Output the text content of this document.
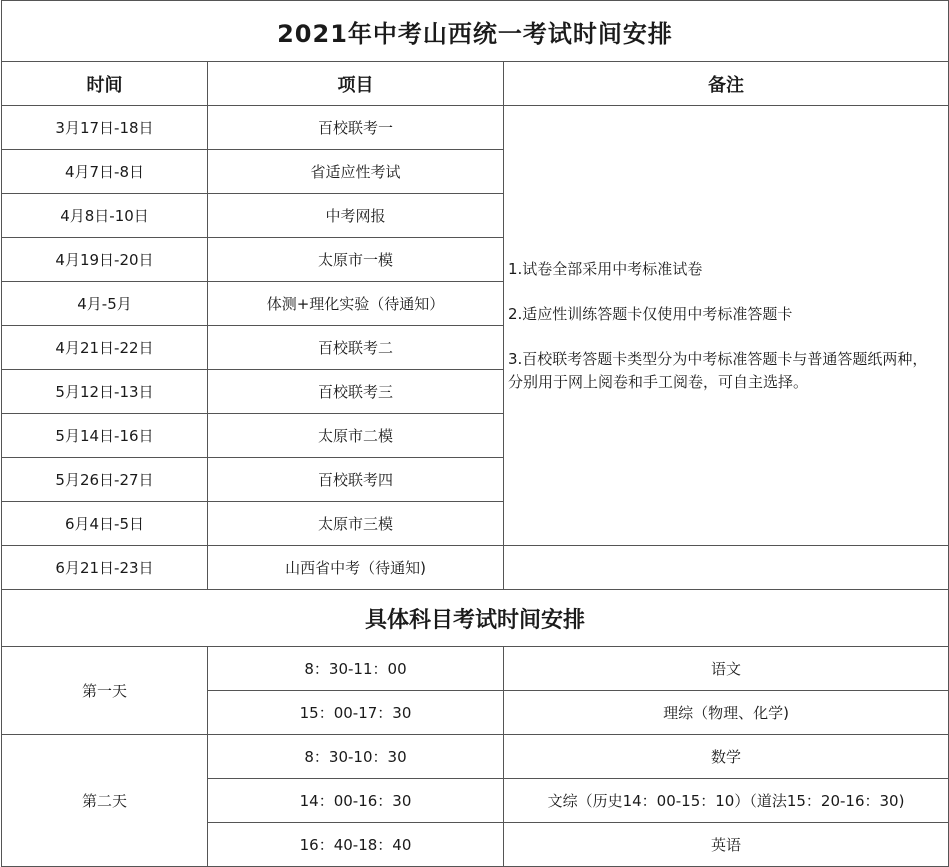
2021年中考山西统一考试时间安排		
时间	项目	备注
3月17日-18日	百校联考一	1.试卷全部采用中考标准试卷

2.适应性训练答题卡仅使用中考标准答题卡

3.百校联考答题卡类型分为中考标准答题卡与普通答题纸两种，分别用于网上阅卷和手工阅卷，可自主选择。

4月7日-8日	省适应性考试	
4月8日-10日	中考网报	
4月19日-20日	太原市一模	
4月-5月	体测+理化实验（待通知）	
4月21日-22日	百校联考二	
5月12日-13日	百校联考三	
5月14日-16日	太原市二模	
5月26日-27日	百校联考四	
6月4日-5日	太原市三模	
6月21日-23日	山西省中考（待通知)	
具体科目考试时间安排		
第一天	8：30-11：00	语文
	15：00-17：30	理综（物理、化学)
第二天	8：30-10：30	数学
	14：00-16：30	文综（历史14：00-15：10）（道法15：20-16：30)
	16：40-18：40	英语
